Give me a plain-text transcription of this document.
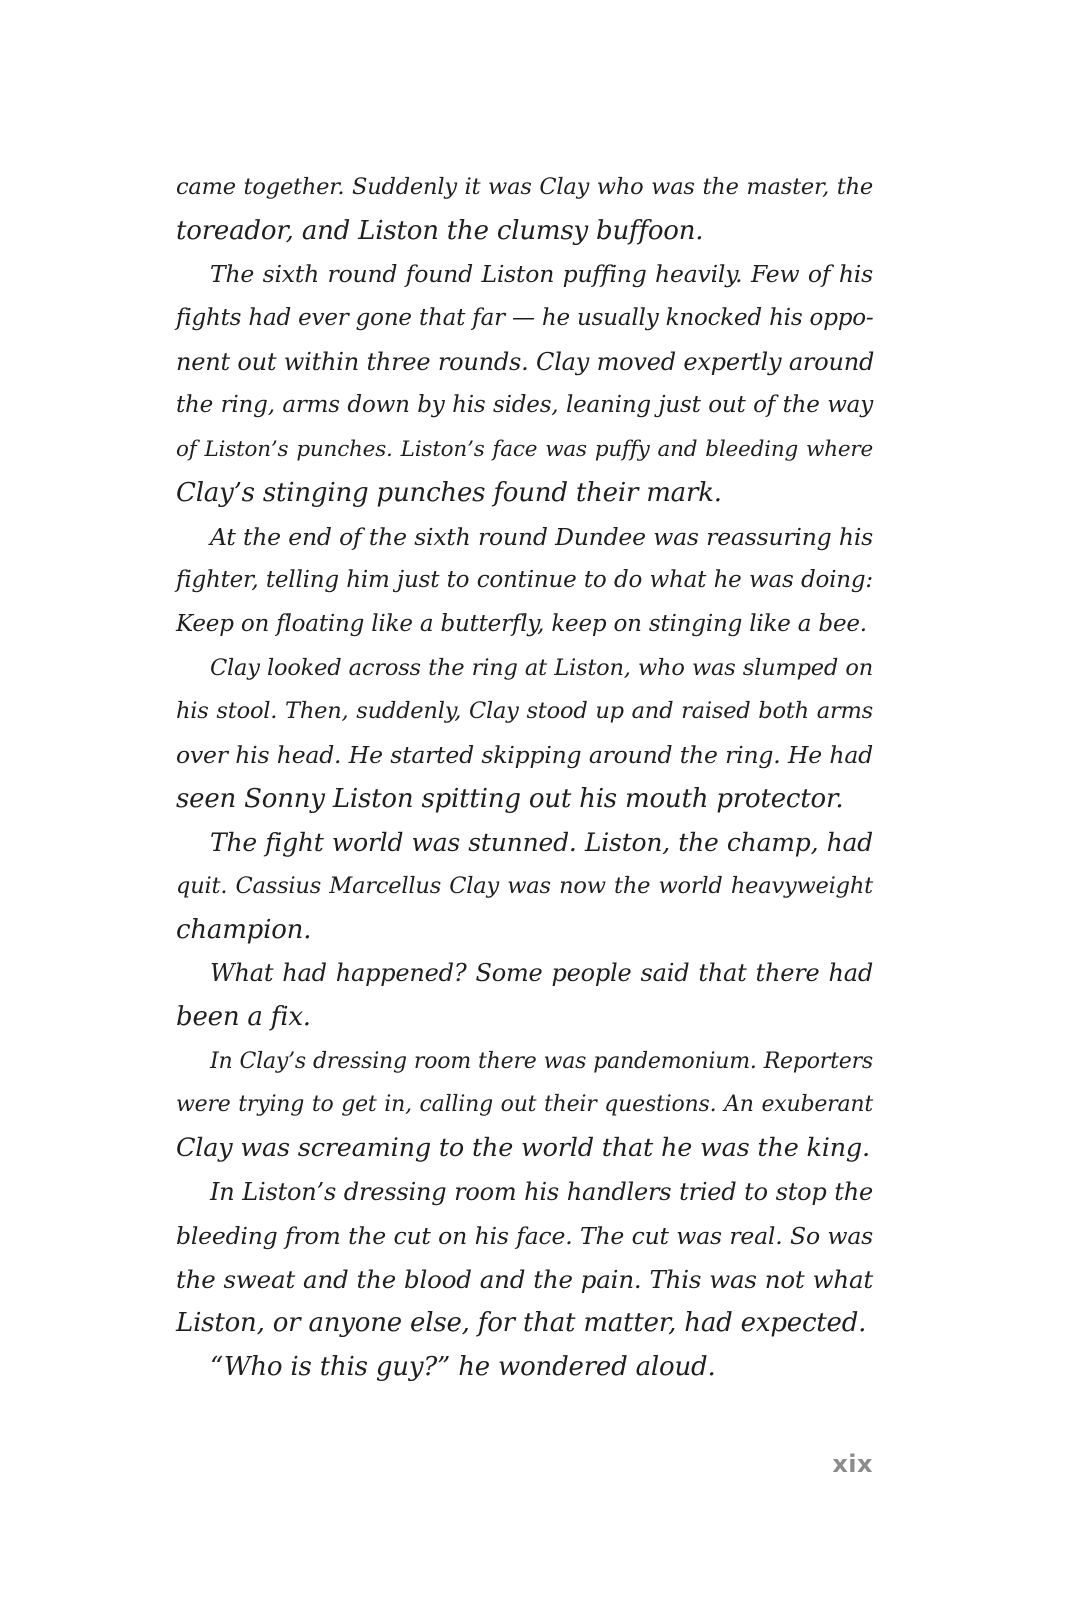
came together. Suddenly it was Clay who was the master, the
toreador, and Liston the clumsy buffoon.
The sixth round found Liston puffing heavily. Few of his
fights had ever gone that far — he usually knocked his oppo-
nent out within three rounds. Clay moved expertly around
the ring, arms down by his sides, leaning just out of the way
of Liston’s punches. Liston’s face was puffy and bleeding where
Clay’s stinging punches found their mark.
At the end of the sixth round Dundee was reassuring his
fighter, telling him just to continue to do what he was doing:
Keep on floating like a butterfly, keep on stinging like a bee.
Clay looked across the ring at Liston, who was slumped on
his stool. Then, suddenly, Clay stood up and raised both arms
over his head. He started skipping around the ring. He had
seen Sonny Liston spitting out his mouth protector.
The fight world was stunned. Liston, the champ, had
quit. Cassius Marcellus Clay was now the world heavyweight
champion.
What had happened? Some people said that there had
been a fix.
In Clay’s dressing room there was pandemonium. Reporters
were trying to get in, calling out their questions. An exuberant
Clay was screaming to the world that he was the king.
In Liston’s dressing room his handlers tried to stop the
bleeding from the cut on his face. The cut was real. So was
the sweat and the blood and the pain. This was not what
Liston, or anyone else, for that matter, had expected.
“Who is this guy?” he wondered aloud.
xix
